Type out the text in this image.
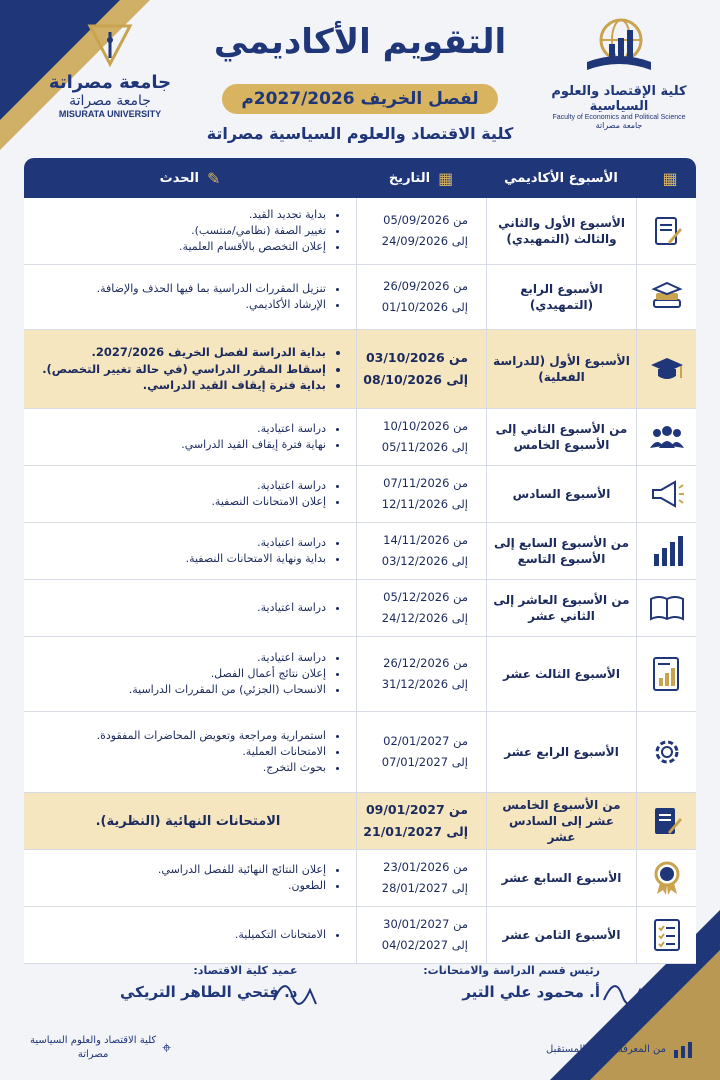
كلية الإقتصاد والعلوم السياسية
Faculty of Economics and Political Science
جامعة مصراتة
التقويم الأكاديمي
لفصل الخريف 2027/2026م
كلية الاقتصاد والعلوم السياسية مصراتة
جامعة مصراتة
جامعة مصراتة
MISURATA UNIVERSITY
▦
الأسبوع الأكاديمي
▦
التاريخ
✎
الحدث
الأسبوع الأول والثاني والثالث (التمهيدي)
من 05/09/2026
إلى 24/09/2026
• بداية تجديد القيد.
• تغيير الصفة (نظامي/منتسب).
• إعلان التخصص بالأقسام العلمية.
الأسبوع الرابع (التمهيدي)
من 26/09/2026
إلى 01/10/2026
• تنزيل المقررات الدراسية بما فيها الحذف والإضافة.
• الإرشاد الأكاديمي.
الأسبوع الأول (للدراسة الفعلية)
من 03/10/2026
إلى 08/10/2026
• بداية الدراسة لفصل الخريف 2027/2026.
• إسقاط المقرر الدراسي (في حالة تغيير التخصص).
• بداية فترة إيقاف القيد الدراسي.
من الأسبوع الثاني إلى الأسبوع الخامس
من 10/10/2026
إلى 05/11/2026
• دراسة اعتيادية.
• نهاية فترة إيقاف القيد الدراسي.
الأسبوع السادس
من 07/11/2026
إلى 12/11/2026
• دراسة اعتيادية.
• إعلان الامتحانات النصفية.
من الأسبوع السابع إلى الأسبوع التاسع
من 14/11/2026
إلى 03/12/2026
• دراسة اعتيادية.
• بداية ونهاية الامتحانات النصفية.
من الأسبوع العاشر إلى الثاني عشر
من 05/12/2026
إلى 24/12/2026
• دراسة اعتيادية.
الأسبوع الثالث عشر
من 26/12/2026
إلى 31/12/2026
• دراسة اعتيادية.
• إعلان نتائج أعمال الفصل.
• الانسحاب (الجزئي) من المقررات الدراسية.
الأسبوع الرابع عشر
من 02/01/2027
إلى 07/01/2027
• استمرارية ومراجعة وتعويض المحاضرات المفقودة.
• الامتحانات العملية.
• بحوث التخرج.
من الأسبوع الخامس عشر إلى السادس عشر
من 09/01/2027
إلى 21/01/2027
الامتحانات النهائية (النظرية).
الأسبوع السابع عشر
من 23/01/2026
إلى 28/01/2027
• إعلان النتائج النهائية للفصل الدراسي.
• الطعون.
الأسبوع الثامن عشر
من 30/01/2027
إلى 04/02/2027
• الامتحانات التكميلية.
رئيس قسم الدراسة والامتحانات:
أ. محمود علي التير
عميد كلية الاقتصاد:
د. فتحي الطاهر التريكي
من المعرفة.. نصنع المستقبل
⌖
كلية الاقتصاد والعلوم السياسية
مصراتة
